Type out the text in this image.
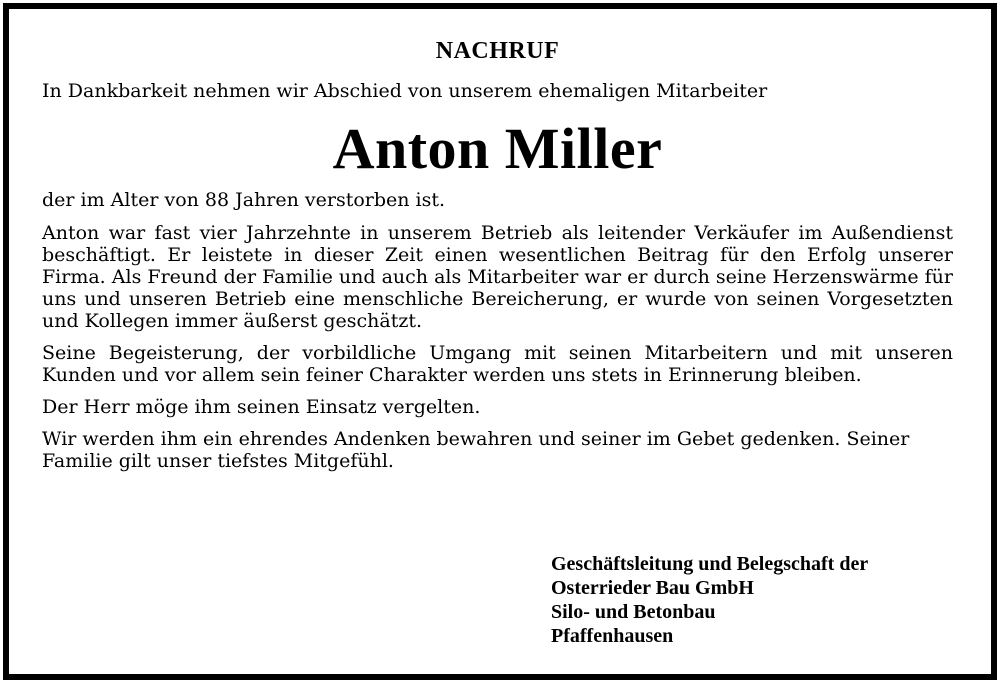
NACHRUF

In Dankbarkeit nehmen wir Abschied von unserem ehemaligen Mitarbeiter

Anton Miller

der im Alter von 88 Jahren verstorben ist.

Anton war fast vier Jahrzehnte in unserem Betrieb als leitender Verkäufer im Außendienst beschäftigt. Er leistete in dieser Zeit einen wesentlichen Beitrag für den Erfolg unserer Firma. Als Freund der Familie und auch als Mitarbeiter war er durch seine Herzenswärme für uns und unseren Betrieb eine menschliche Bereicherung, er wurde von seinen Vorgesetzten und Kollegen immer äußerst geschätzt.

Seine Begeisterung, der vorbildliche Umgang mit seinen Mitarbeitern und mit unseren Kunden und vor allem sein feiner Charakter werden uns stets in Erinnerung bleiben.

Der Herr möge ihm seinen Einsatz vergelten.

Wir werden ihm ein ehrendes Andenken bewahren und seiner im Gebet gedenken. Seiner Familie gilt unser tiefstes Mitgefühl.

Geschäftsleitung und Belegschaft der
Osterrieder Bau GmbH
Silo- und Betonbau
Pfaffenhausen
